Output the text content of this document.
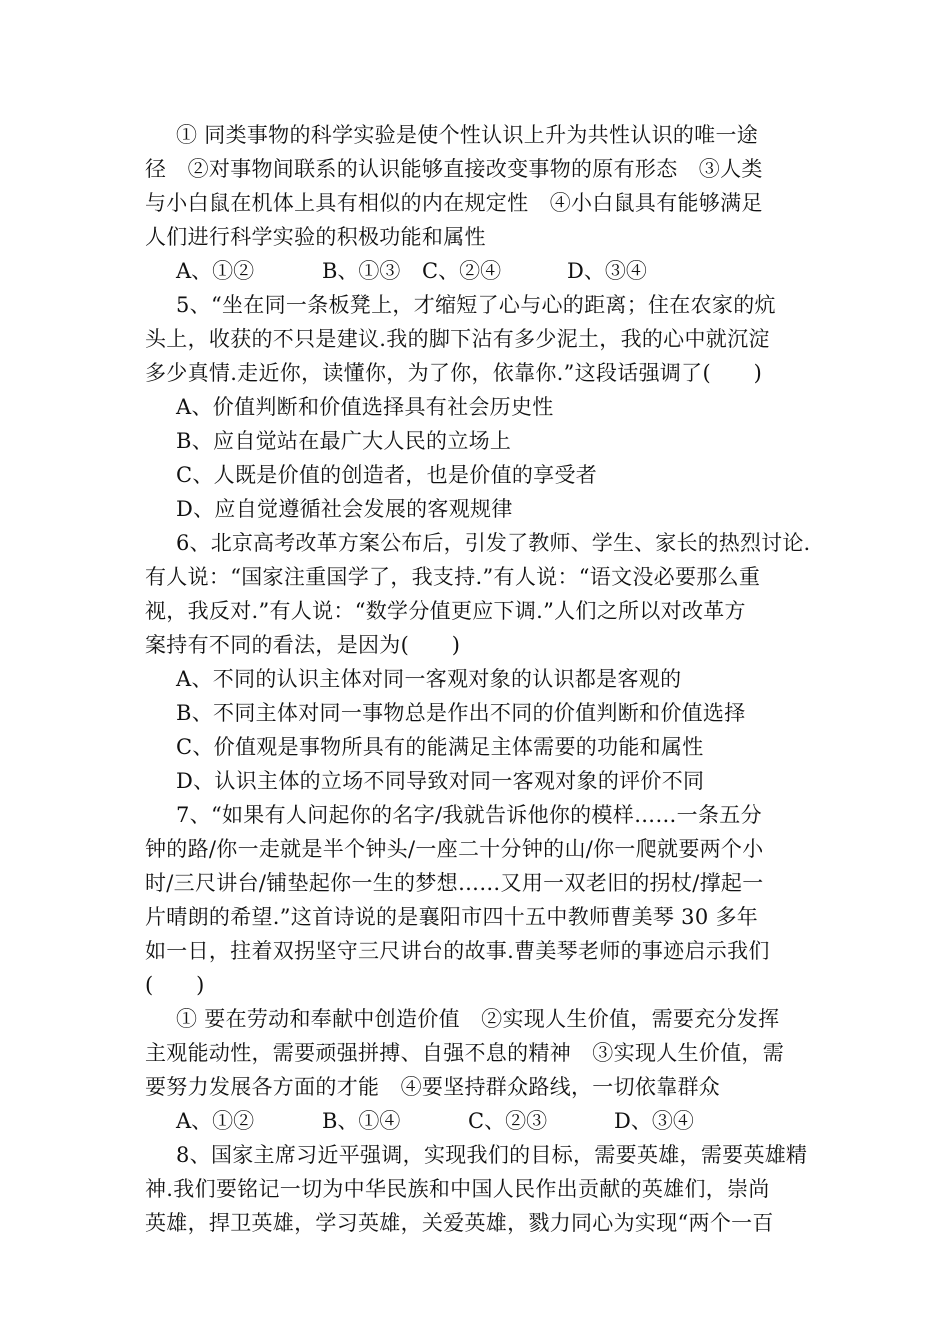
① 同类事物的科学实验是使个性认识上升为共性认识的唯一途
径　②对事物间联系的认识能够直接改变事物的原有形态　③人类
与小白鼠在机体上具有相似的内在规定性　④小白鼠具有能够满足
人们进行科学实验的积极功能和属性
A、①②	B、①③ C、②④	D、③④
5、“坐在同一条板凳上，才缩短了心与心的距离；住在农家的炕
头上，收获的不只是建议.我的脚下沾有多少泥土，我的心中就沉淀
多少真情.走近你，读懂你，为了你，依靠你.”这段话强调了(　　)
A、价值判断和价值选择具有社会历史性
B、应自觉站在最广大人民的立场上
C、人既是价值的创造者，也是价值的享受者
D、应自觉遵循社会发展的客观规律
6、北京高考改革方案公布后，引发了教师、学生、家长的热烈讨论.
有人说：“国家注重国学了，我支持.”有人说：“语文没必要那么重
视，我反对.”有人说：“数学分值更应下调.”人们之所以对改革方
案持有不同的看法，是因为(　　)
A、不同的认识主体对同一客观对象的认识都是客观的
B、不同主体对同一事物总是作出不同的价值判断和价值选择
C、价值观是事物所具有的能满足主体需要的功能和属性
D、认识主体的立场不同导致对同一客观对象的评价不同
7、“如果有人问起你的名字/我就告诉他你的模样……一条五分
钟的路/你一走就是半个钟头/一座二十分钟的山/你一爬就要两个小
时/三尺讲台/铺垫起你一生的梦想……又用一双老旧的拐杖/撑起一
片晴朗的希望.”这首诗说的是襄阳市四十五中教师曹美琴 30 多年
如一日，拄着双拐坚守三尺讲台的故事.曹美琴老师的事迹启示我们
(　　)
① 要在劳动和奉献中创造价值　②实现人生价值，需要充分发挥
主观能动性，需要顽强拼搏、自强不息的精神　③实现人生价值，需
要努力发展各方面的才能　④要坚持群众路线，一切依靠群众
A、①②	B、①④	C、②③	D、③④
8、国家主席习近平强调，实现我们的目标，需要英雄，需要英雄精
神.我们要铭记一切为中华民族和中国人民作出贡献的英雄们，崇尚
英雄，捍卫英雄，学习英雄，关爱英雄，戮力同心为实现“两个一百
